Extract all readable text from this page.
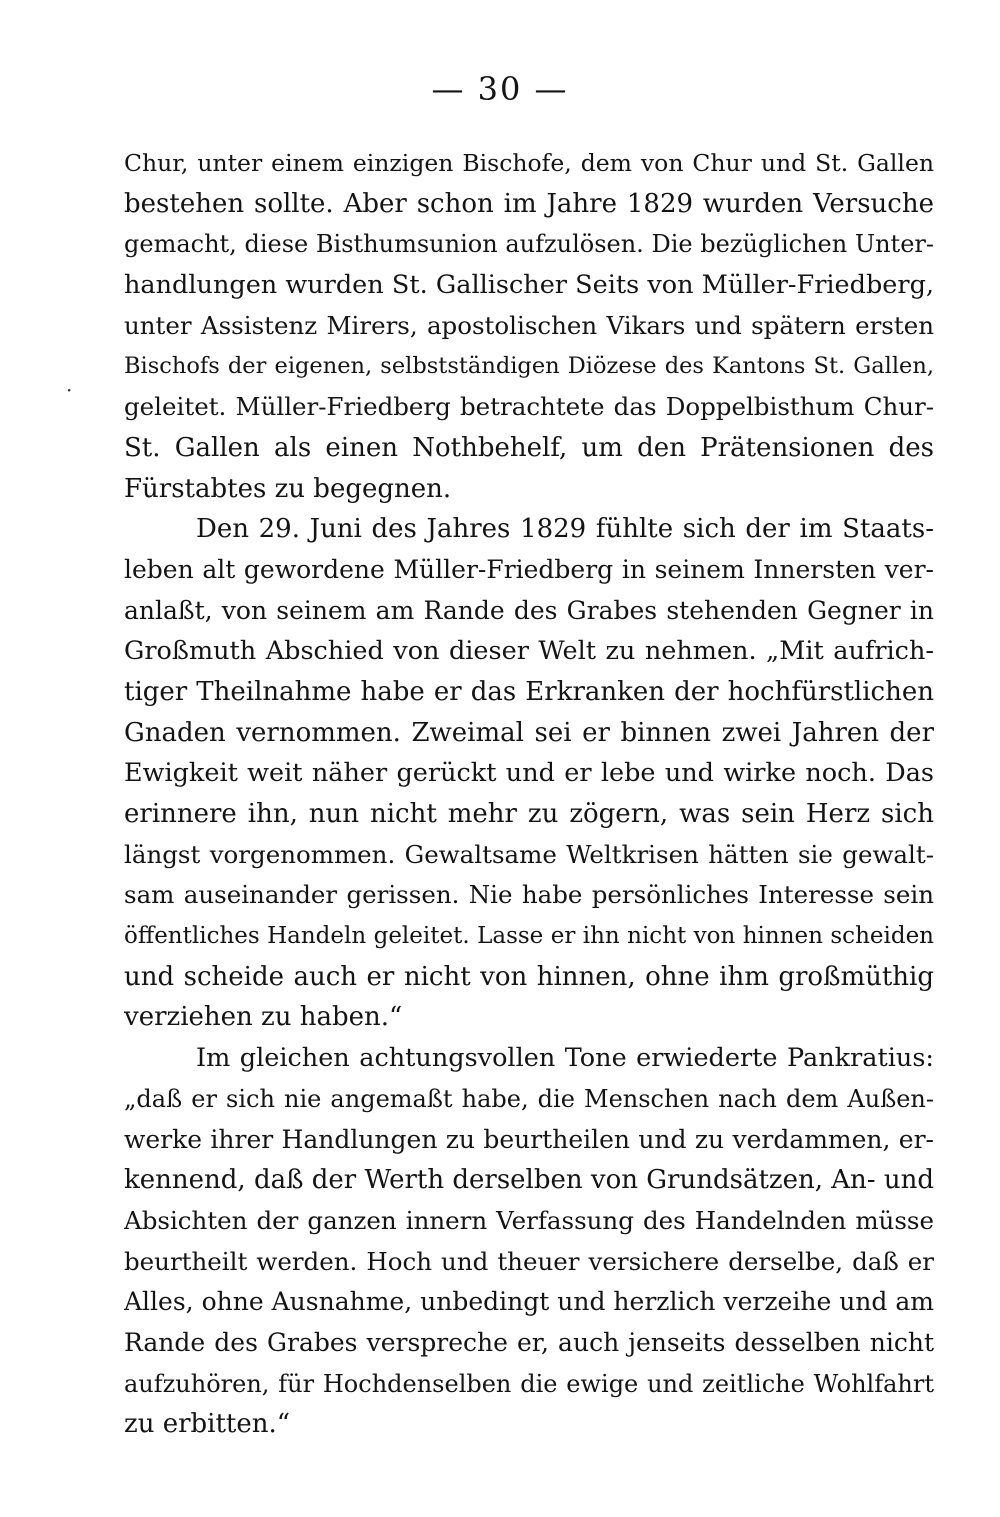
— 30 —
·
Chur, unter einem einzigen Bischofe, dem von Chur und St. Gallen
bestehen sollte. Aber schon im Jahre 1829 wurden Versuche
gemacht, diese Bisthumsunion aufzulösen. Die bezüglichen Unter-
handlungen wurden St. Gallischer Seits von Müller-Friedberg,
unter Assistenz Mirers, apostolischen Vikars und spätern ersten
Bischofs der eigenen, selbstständigen Diözese des Kantons St. Gallen,
geleitet. Müller-Friedberg betrachtete das Doppelbisthum Chur-
St. Gallen als einen Nothbehelf, um den Prätensionen des
Fürstabtes zu begegnen.
Den 29. Juni des Jahres 1829 fühlte sich der im Staats-
leben alt gewordene Müller-Friedberg in seinem Innersten ver-
anlaßt, von seinem am Rande des Grabes stehenden Gegner in
Großmuth Abschied von dieser Welt zu nehmen. „Mit aufrich-
tiger Theilnahme habe er das Erkranken der hochfürstlichen
Gnaden vernommen. Zweimal sei er binnen zwei Jahren der
Ewigkeit weit näher gerückt und er lebe und wirke noch. Das
erinnere ihn, nun nicht mehr zu zögern, was sein Herz sich
längst vorgenommen. Gewaltsame Weltkrisen hätten sie gewalt-
sam auseinander gerissen. Nie habe persönliches Interesse sein
öffentliches Handeln geleitet. Lasse er ihn nicht von hinnen scheiden
und scheide auch er nicht von hinnen, ohne ihm großmüthig
verziehen zu haben.“
Im gleichen achtungsvollen Tone erwiederte Pankratius:
„daß er sich nie angemaßt habe, die Menschen nach dem Außen-
werke ihrer Handlungen zu beurtheilen und zu verdammen, er-
kennend, daß der Werth derselben von Grundsätzen, An- und
Absichten der ganzen innern Verfassung des Handelnden müsse
beurtheilt werden. Hoch und theuer versichere derselbe, daß er
Alles, ohne Ausnahme, unbedingt und herzlich verzeihe und am
Rande des Grabes verspreche er, auch jenseits desselben nicht
aufzuhören, für Hochdenselben die ewige und zeitliche Wohlfahrt
zu erbitten.“
